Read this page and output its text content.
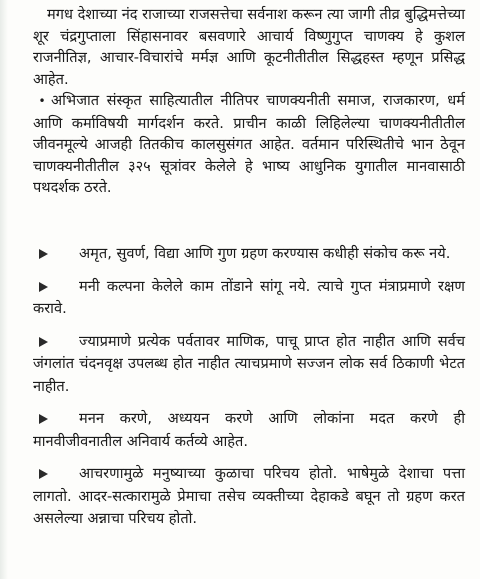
मगध देशाच्या नंद राजाच्या राजसत्तेचा सर्वनाश करून त्या जागी तीव्र बुद्धिमत्तेच्या शूर चंद्रगुप्ताला सिंहासनावर बसवणारे आचार्य विष्णुगुप्त चाणक्य हे कुशल राजनीतिज्ञ, आचार-विचारांचे मर्मज्ञ आणि कूटनीतीतील सिद्धहस्त म्हणून प्रसिद्ध आहेत.

• अभिजात संस्कृत साहित्यातील नीतिपर चाणक्यनीती समाज, राजकारण, धर्म आणि कर्माविषयी मार्गदर्शन करते. प्राचीन काळी लिहिलेल्या चाणक्यनीतीतील जीवनमूल्ये आजही तितकीच कालसुसंगत आहेत. वर्तमान परिस्थितीचे भान ठेवून चाणक्यनीतीतील ३२५ सूत्रांवर केलेले हे भाष्य आधुनिक युगातील मानवासाठी पथदर्शक ठरते.

अमृत, सुवर्ण, विद्या आणि गुण ग्रहण करण्यास कधीही संकोच करू नये.
मनी कल्पना केलेले काम तोंडाने सांगू नये. त्याचे गुप्त मंत्राप्रमाणे रक्षण करावे.
ज्याप्रमाणे प्रत्येक पर्वतावर माणिक, पाचू प्राप्त होत नाहीत आणि सर्वच जंगलांत चंदनवृक्ष उपलब्ध होत नाहीत त्याचप्रमाणे सज्जन लोक सर्व ठिकाणी भेटत नाहीत.
मनन करणे, अध्ययन करणे आणि लोकांना मदत करणे ही मानवीजीवनातील अनिवार्य कर्तव्ये आहेत.
आचरणामुळे मनुष्याच्या कुळाचा परिचय होतो. भाषेमुळे देशाचा पत्ता लागतो. आदर-सत्कारामुळे प्रेमाचा तसेच व्यक्तीच्या देहाकडे बघून तो ग्रहण करत असलेल्या अन्नाचा परिचय होतो.
